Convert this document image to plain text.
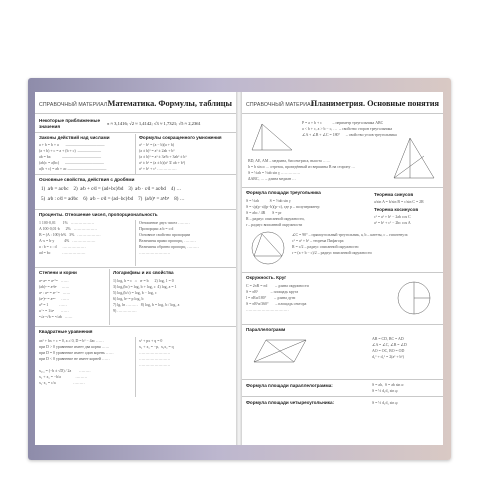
СПРАВОЧНЫЙ МАТЕРИАЛ Математика. Формулы, таблицы
Некоторые приближенные
значения
π ≈ 3,1416; √2 ≈ 1,4142; √3 ≈ 1,7321; √5 ≈ 2,2361
Законы действий над числами	Формулы сокращенного умножения
a + b = b + a       ——————————
(a + b) + c = a + (b + c)  ——————
ab = ba            ——————————
(ab)c = a(bc)      ——————————
a(b + c) = ab + ac ——————————
a² − b² = (a − b)(a + b)
(a ± b)² = a² ± 2ab + b²
(a ± b)³ = a³ ± 3a²b + 3ab² ± b³
a³ ± b³ = (a ± b)(a² ∓ ab + b²)
a² + b² + c² ……………
Основные свойства, действия с дробями
1)  a⁄b = ac⁄bc    2)  a⁄b + c⁄d = (ad+bc)⁄bd    3)  a⁄b · c⁄d = ac⁄bd    4) …
5)  a⁄b : c⁄d = ad⁄bc    6)  a⁄b − c⁄d = (ad−bc)⁄bd    7)  (a⁄b)ⁿ = aⁿ⁄bⁿ    8) …
Проценты. Отношение чисел, пропорциональность
1 100·0,01       1%   ………………
A 100·0,01·b      2%   ………………
B = (A : 100)·b%   3%   ………………
A·x = b·y          4%   ………………
a : b = c : d      ………………
ad = bc            ………………
Отношение двух чисел ………
Пропорция: a:b = c:d
Основное свойство пропорции
Величины прямо пропорц. ………
Величины обратно пропорц. ………
……………………
Степени и корни	Логарифмы и их свойства
aⁿ·aᵐ = aⁿ⁺ᵐ   ……
(ab)ⁿ = aⁿbⁿ     ……
aⁿ : aᵐ = aⁿ⁻ᵐ   ……
(aⁿ)ᵐ = aⁿᵐ      ……
a⁰ = 1           ……
a⁻ⁿ = 1/aⁿ       ……
ⁿ√a·ⁿ√b = ⁿ√ab   ……
1) logₐ b = c  ⇔  aᶜ = b      2) logₐ 1 = 0
3) logₐ(bc) = logₐ b + logₐ c  4) logₐ a = 1
5) logₐ(b/c) = logₐ b − logₐ c
6) logₐ bᵖ = p logₐ b
7) lg, ln ………   8) logₐ b = log꜀ b / log꜀ a
9) ……………
Квадратные уравнения
ax² + bx + c = 0, a ≠ 0, D = b² − 4ac ……
при D > 0 уравнение имеет два корня ……
при D = 0 уравнение имеет один корень ……
при D < 0 уравнение не имеет корней ……

x₁,₂ = (−b ± √D) / 2a        ………
x₁ + x₂ = −b/a               ………
x₁·x₂ = c/a                  ………
x² + px + q = 0
x₁ + x₂ = −p,  x₁x₂ = q
……………………
……………………
……………………
СПРАВОЧНЫЙ МАТЕРИАЛ
Планиметрия. Основные понятия
P = a + b + c           – периметр треугольника ABC
a < b + c, a > b − c, …  – свойство сторон треугольника
∠A + ∠B + ∠C = 180°      – свойство углов треугольника
BD, AE, AM – медиана, биссектриса, высота ……
h = b sin α … отрезок, проведённый из вершины B на сторону …
S = ½ah = ½ab sin γ ……………
ΔABC, … – длина медиан …
Формула площади треугольника
S = ½ah           S = ½ab sin γ
S = √p(p−a)(p−b)(p−c), где p – полупериметр
S = abc / 4R       S = pr
R – радиус описанной окружности,
r – радиус вписанной окружности
Теорема синусов
a/sin A = b/sin B = c/sin C = 2R
Теорема косинусов
c² = a² + b² − 2ab cos C
a² = b² + c² − 2bc cos A
∠C = 90° – прямоугольный треугольник, a, b – катеты, c – гипотенуза
c² = a² + b² – теорема Пифагора
R = c/2 – радиус описанной окружности
r = (a + b − c)/2 – радиус вписанной окружности
Окружность. Круг
C = 2πR = πd        – длина окружности
S = πR²             – площадь круга
l = πRα/180°        – длина дуги
S = πR²α/360°       – площадь сектора
……………………………
Параллелограмм
AB = CD, BC = AD
∠A = ∠C, ∠B = ∠D
AO = OC, BO = OD
d₁² + d₂² = 2(a² + b²)
Формула площади параллелограмма:	S = ah,  S = ab sin α
S = ½ d₁d₂ sin φ
Формула площади четырехугольника:	S = ½ d₁d₂ sin φ
